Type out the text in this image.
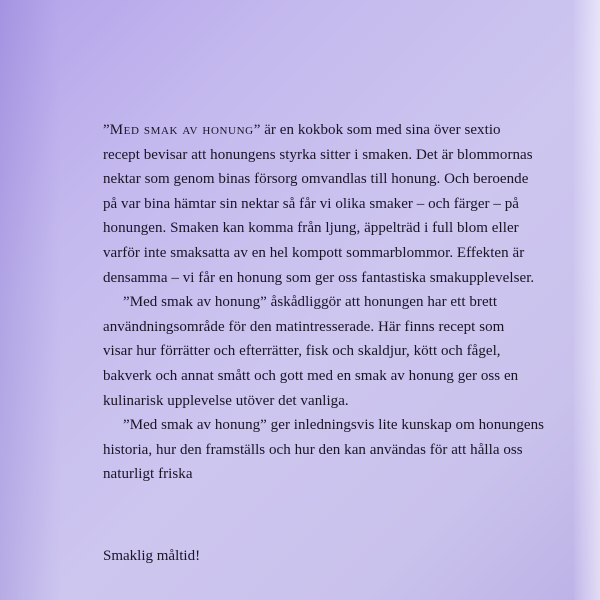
”Med smak av honung” är en kokbok som med sina över sextio
recept bevisar att honungens styrka sitter i smaken. Det är blommornas
nektar som genom binas försorg omvandlas till honung. Och beroende
på var bina hämtar sin nektar så får vi olika smaker – och färger – på
honungen. Smaken kan komma från ljung, äppelträd i full blom eller
varför inte smaksatta av en hel kompott sommarblommor. Effekten är
densamma – vi får en honung som ger oss fantastiska smakupplevelser.

”Med smak av honung” åskådliggör att honungen har ett brett
användningsområde för den matintresserade. Här finns recept som
visar hur förrätter och efterrätter, fisk och skaldjur, kött och fågel,
bakverk och annat smått och gott med en smak av honung ger oss en
kulinarisk upplevelse utöver det vanliga.

”Med smak av honung” ger inledningsvis lite kunskap om honungens
historia, hur den framställs och hur den kan användas för att hålla oss
naturligt friska

Smaklig måltid!
